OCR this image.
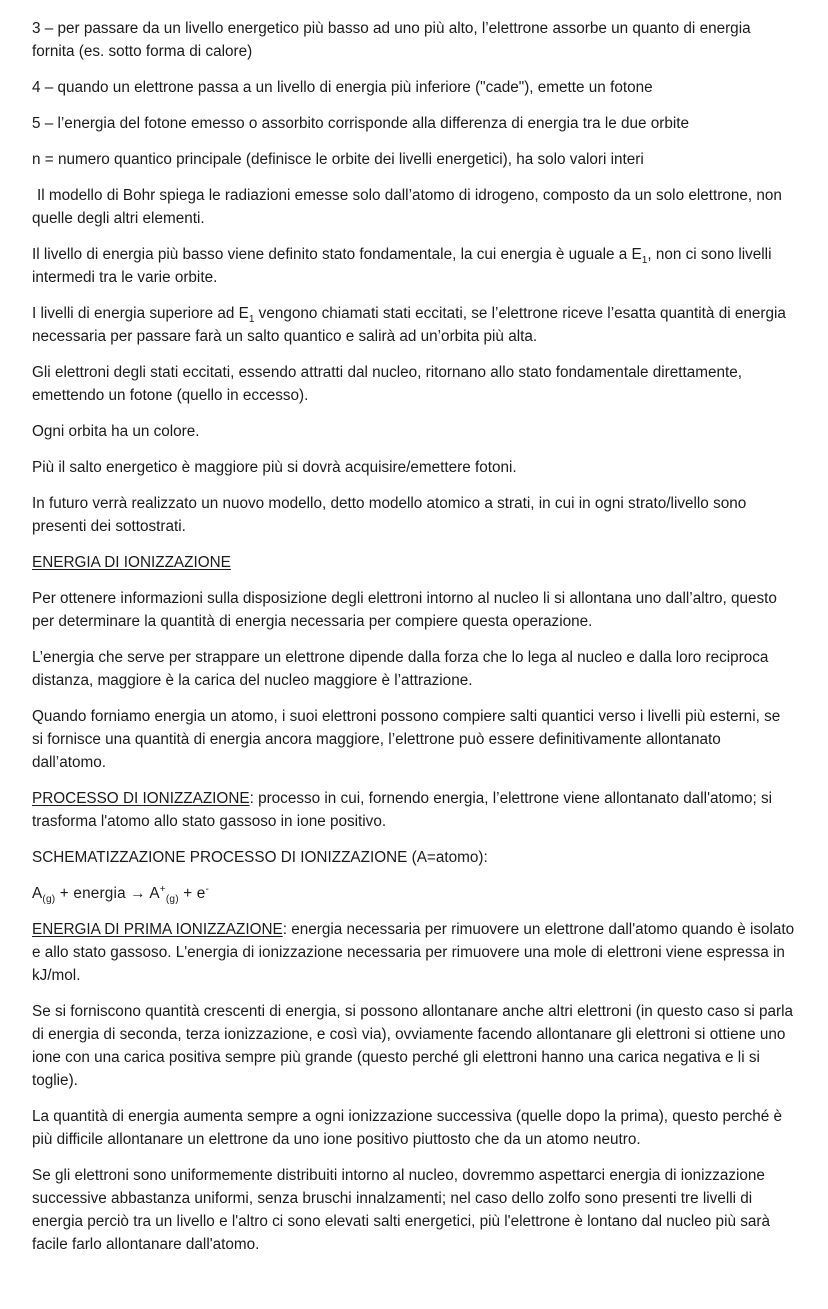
3 – per passare da un livello energetico più basso ad uno più alto, l’elettrone assorbe un quanto di energia fornita (es. sotto forma di calore)

4 – quando un elettrone passa a un livello di energia più inferiore ("cade"), emette un fotone

5 – l’energia del fotone emesso o assorbito corrisponde alla differenza di energia tra le due orbite

n = numero quantico principale (definisce le orbite dei livelli energetici), ha solo valori interi

Il modello di Bohr spiega le radiazioni emesse solo dall’atomo di idrogeno, composto da un solo elettrone, non quelle degli altri elementi.

Il livello di energia più basso viene definito stato fondamentale, la cui energia è uguale a $E_1$, non ci sono livelli intermedi tra le varie orbite.

I livelli di energia superiore ad $E_1$ vengono chiamati stati eccitati, se l’elettrone riceve l’esatta quantità di energia necessaria per passare farà un salto quantico e salirà ad un’orbita più alta.

Gli elettroni degli stati eccitati, essendo attratti dal nucleo, ritornano allo stato fondamentale direttamente, emettendo un fotone (quello in eccesso).

Ogni orbita ha un colore.

Più il salto energetico è maggiore più si dovrà acquisire/emettere fotoni.

In futuro verrà realizzato un nuovo modello, detto modello atomico a strati, in cui in ogni strato/livello sono presenti dei sottostrati.

ENERGIA DI IONIZZAZIONE

Per ottenere informazioni sulla disposizione degli elettroni intorno al nucleo li si allontana uno dall’altro, questo per determinare la quantità di energia necessaria per compiere questa operazione.

L’energia che serve per strappare un elettrone dipende dalla forza che lo lega al nucleo e dalla loro reciproca distanza, maggiore è la carica del nucleo maggiore è l’attrazione.

Quando forniamo energia un atomo, i suoi elettroni possono compiere salti quantici verso i livelli più esterni, se si fornisce una quantità di energia ancora maggiore, l’elettrone può essere definitivamente allontanato dall’atomo.

PROCESSO DI IONIZZAZIONE: processo in cui, fornendo energia, l’elettrone viene allontanato dall'atomo; si trasforma l'atomo allo stato gassoso in ione positivo.

SCHEMATIZZAZIONE PROCESSO DI IONIZZAZIONE (A=atomo):

$A_{(g)}$ + energia → $A^+_{(g)} + e^-$

ENERGIA DI PRIMA IONIZZAZIONE: energia necessaria per rimuovere un elettrone dall'atomo quando è isolato e allo stato gassoso. L'energia di ionizzazione necessaria per rimuovere una mole di elettroni viene espressa in kJ/mol.

Se si forniscono quantità crescenti di energia, si possono allontanare anche altri elettroni (in questo caso si parla di energia di seconda, terza ionizzazione, e così via), ovviamente facendo allontanare gli elettroni si ottiene uno ione con una carica positiva sempre più grande (questo perché gli elettroni hanno una carica negativa e li si toglie).

La quantità di energia aumenta sempre a ogni ionizzazione successiva (quelle dopo la prima), questo perché è più difficile allontanare un elettrone da uno ione positivo piuttosto che da un atomo neutro.

Se gli elettroni sono uniformemente distribuiti intorno al nucleo, dovremmo aspettarci energia di ionizzazione successive abbastanza uniformi, senza bruschi innalzamenti; nel caso dello zolfo sono presenti tre livelli di energia perciò tra un livello e l'altro ci sono elevati salti energetici, più l'elettrone è lontano dal nucleo più sarà facile farlo allontanare dall'atomo.
